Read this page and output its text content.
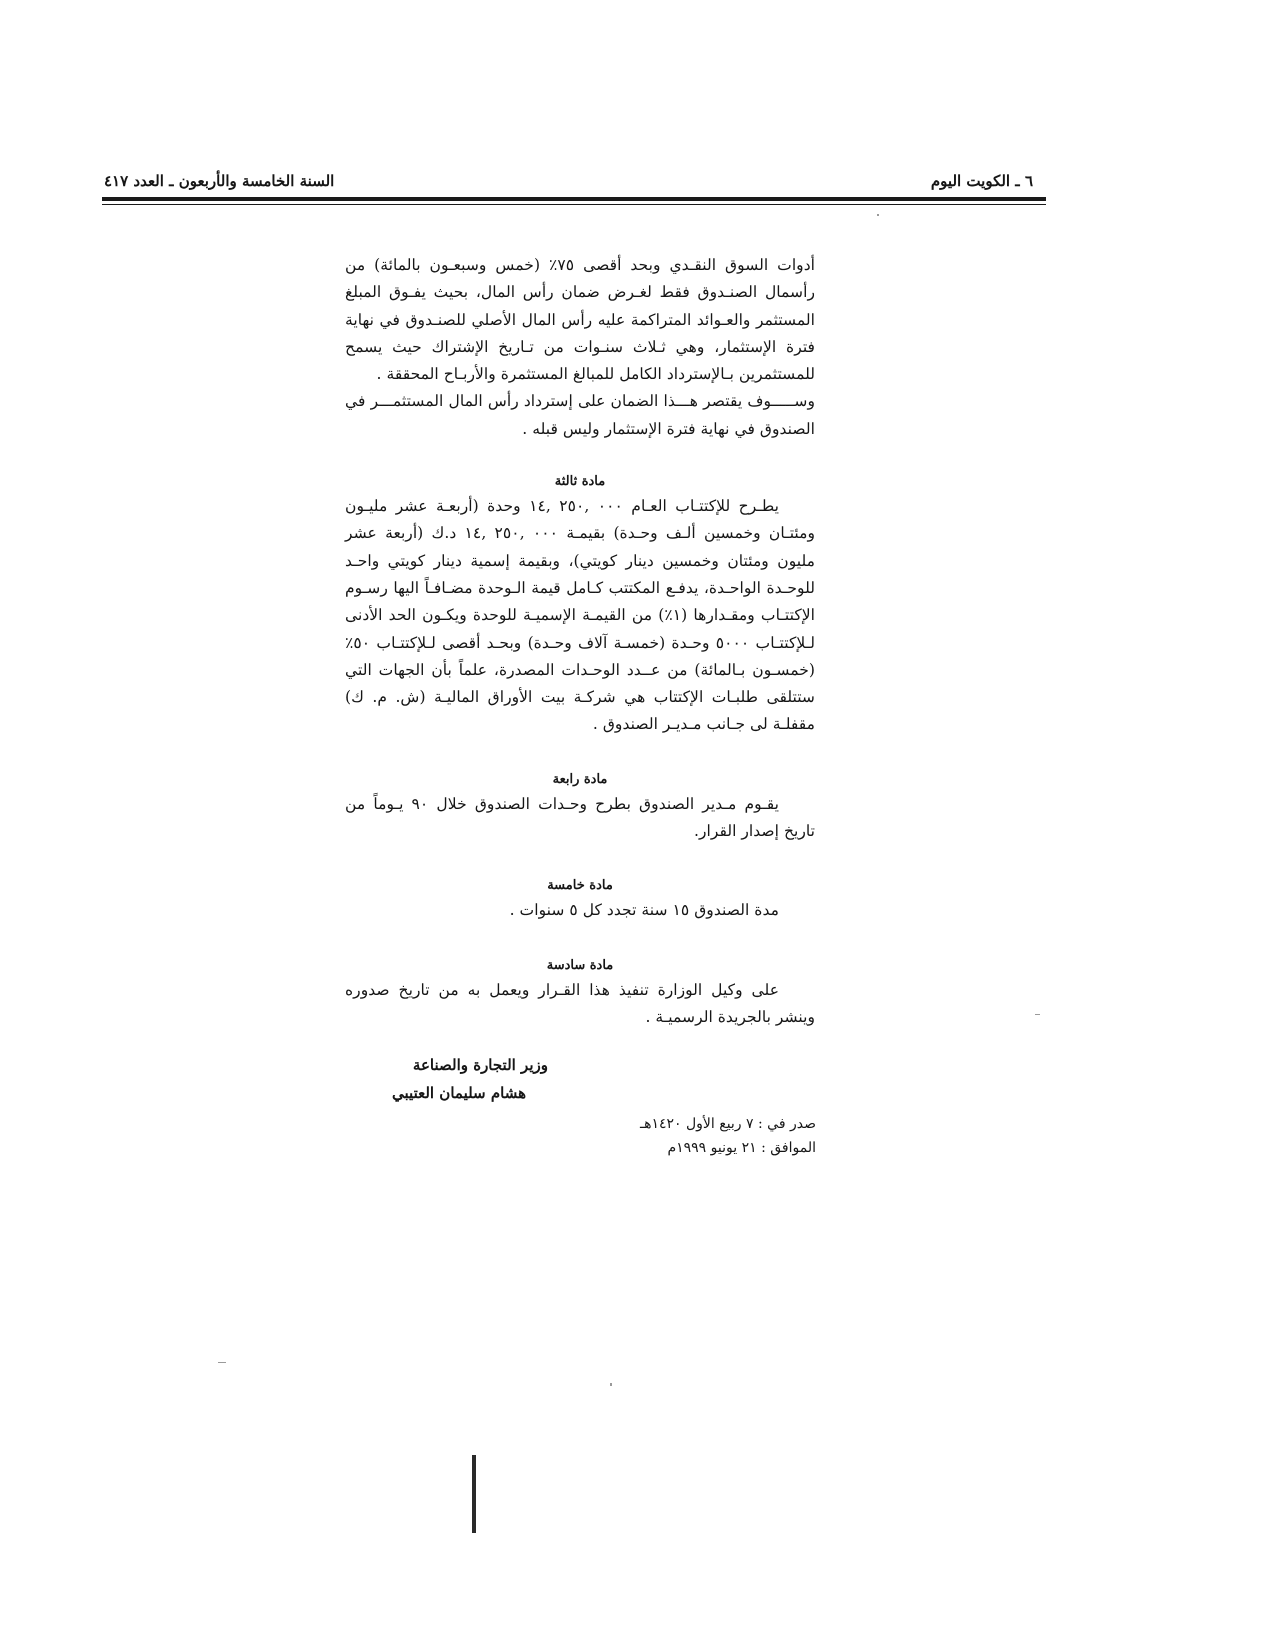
٦ ـ الكويت اليوم
السنة الخامسة والأربعون ـ العدد ٤١٧

أدوات السوق النقـدي وبحد أقصى ٧٥٪ (خمس وسبعـون بالمائة) من رأسمال الصنـدوق فقط لغـرض ضمان رأس المال، بحيث يفـوق المبلغ المستثمر والعـوائد المتراكمة عليه رأس المال الأصلي للصنـدوق في نهاية فترة الإستثمار، وهي ثـلاث سنـوات من تـاريخ الإشتراك حيث يسمح للمستثمرين بـالإسترداد الكامل للمبالغ المستثمرة والأربـاح المحققة .

وســـــوف يقتصر هـــذا الضمان على إسترداد رأس المال المستثمـــر في الصندوق في نهاية فترة الإستثمار وليس قبله .

مادة ثالثة

يطـرح للإكتتـاب العـام ٠٠٠ ,٢٥٠ ,١٤ وحدة (أربعـة عشر مليـون ومئتـان وخمسين ألـف وحـدة) بقيمـة ٠٠٠ ,٢٥٠ ,١٤ د.ك (أربعة عشر مليون ومئتان وخمسين دينار كويتي)، وبقيمة إسمية دينار كويتي واحـد للوحـدة الواحـدة، يدفـع المكتتب كـامل قيمة الـوحدة مضـافـاً اليها رسـوم الإكتتـاب ومقـدارها (١٪) من القيمـة الإسميـة للوحدة ويكـون الحد الأدنى لـلإكتتـاب ٥٠٠٠ وحـدة (خمسـة آلاف وحـدة) وبحـد أقصى لـلإكتتـاب ٥٠٪ (خمسـون بـالمائة) من عــدد الوحـدات المصدرة، علماً بأن الجهات التي ستتلقى طلبـات الإكتتاب هي شركـة بيت الأوراق الماليـة (ش. م. ك) مقفلـة لى جـانب مـديـر الصندوق .

مادة رابعة

يقـوم مـدير الصندوق بطرح وحـدات الصندوق خلال ٩٠ يـوماً من تاريخ إصدار القرار.

مادة خامسة

مدة الصندوق ١٥ سنة تجدد كل ٥ سنوات .

مادة سادسة

على وكيل الوزارة تنفيذ هذا القـرار ويعمل به من تاريخ صدوره وينشر بالجريدة الرسميـة .

وزير التجارة والصناعة
هشام سليمان العتيبي
صدر في : ٧ ربيع الأول ١٤٢٠هـ
الموافق : ٢١ يونيو ١٩٩٩م
